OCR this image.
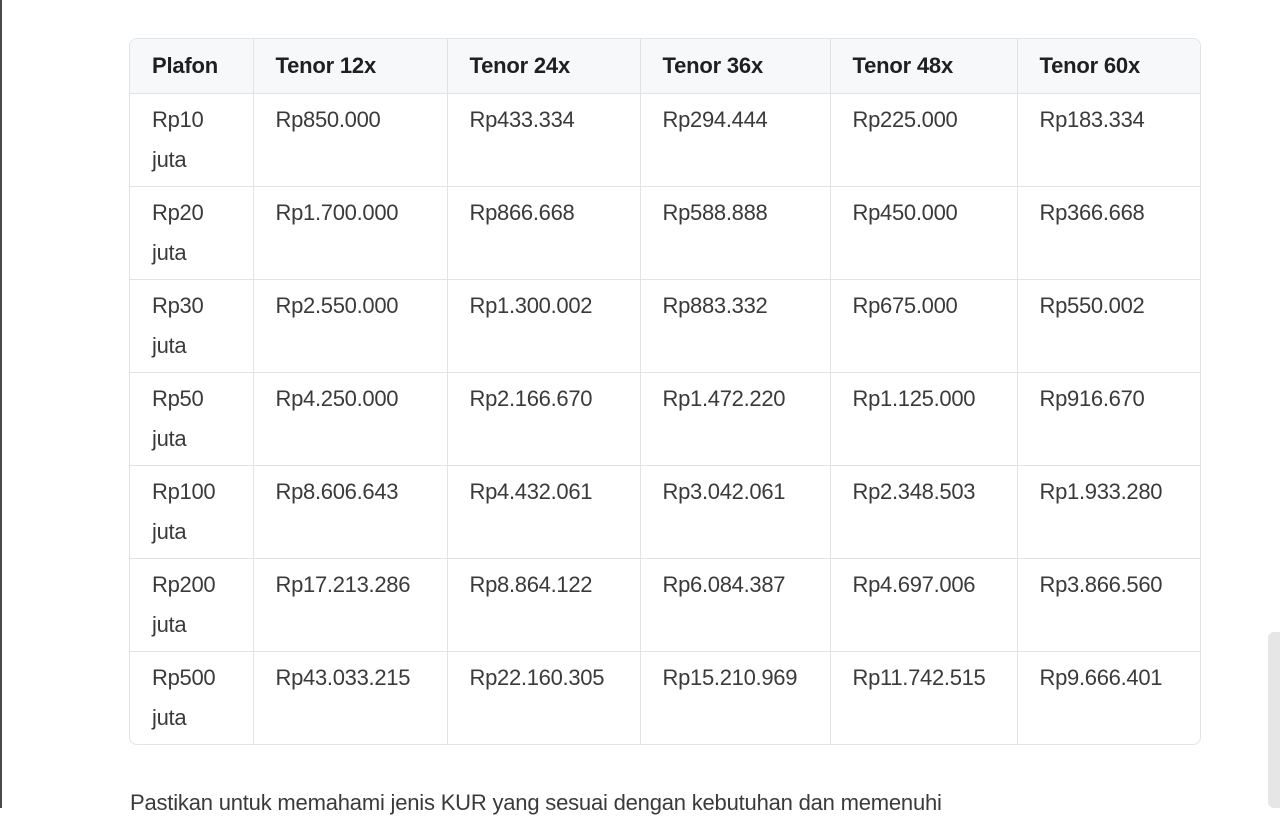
Plafon	Tenor 12x	Tenor 24x	Tenor 36x	Tenor 48x	Tenor 60x

Rp10 juta	Rp850.000	Rp433.334	Rp294.444	Rp225.000	Rp183.334

Rp20 juta	Rp1.700.000	Rp866.668	Rp588.888	Rp450.000	Rp366.668

Rp30 juta	Rp2.550.000	Rp1.300.002	Rp883.332	Rp675.000	Rp550.002

Rp50 juta	Rp4.250.000	Rp2.166.670	Rp1.472.220	Rp1.125.000	Rp916.670

Rp100 juta	Rp8.606.643	Rp4.432.061	Rp3.042.061	Rp2.348.503	Rp1.933.280

Rp200 juta	Rp17.213.286	Rp8.864.122	Rp6.084.387	Rp4.697.006	Rp3.866.560

Rp500 juta	Rp43.033.215	Rp22.160.305	Rp15.210.969	Rp11.742.515	Rp9.666.401
Pastikan untuk memahami jenis KUR yang sesuai dengan kebutuhan dan memenuhi
